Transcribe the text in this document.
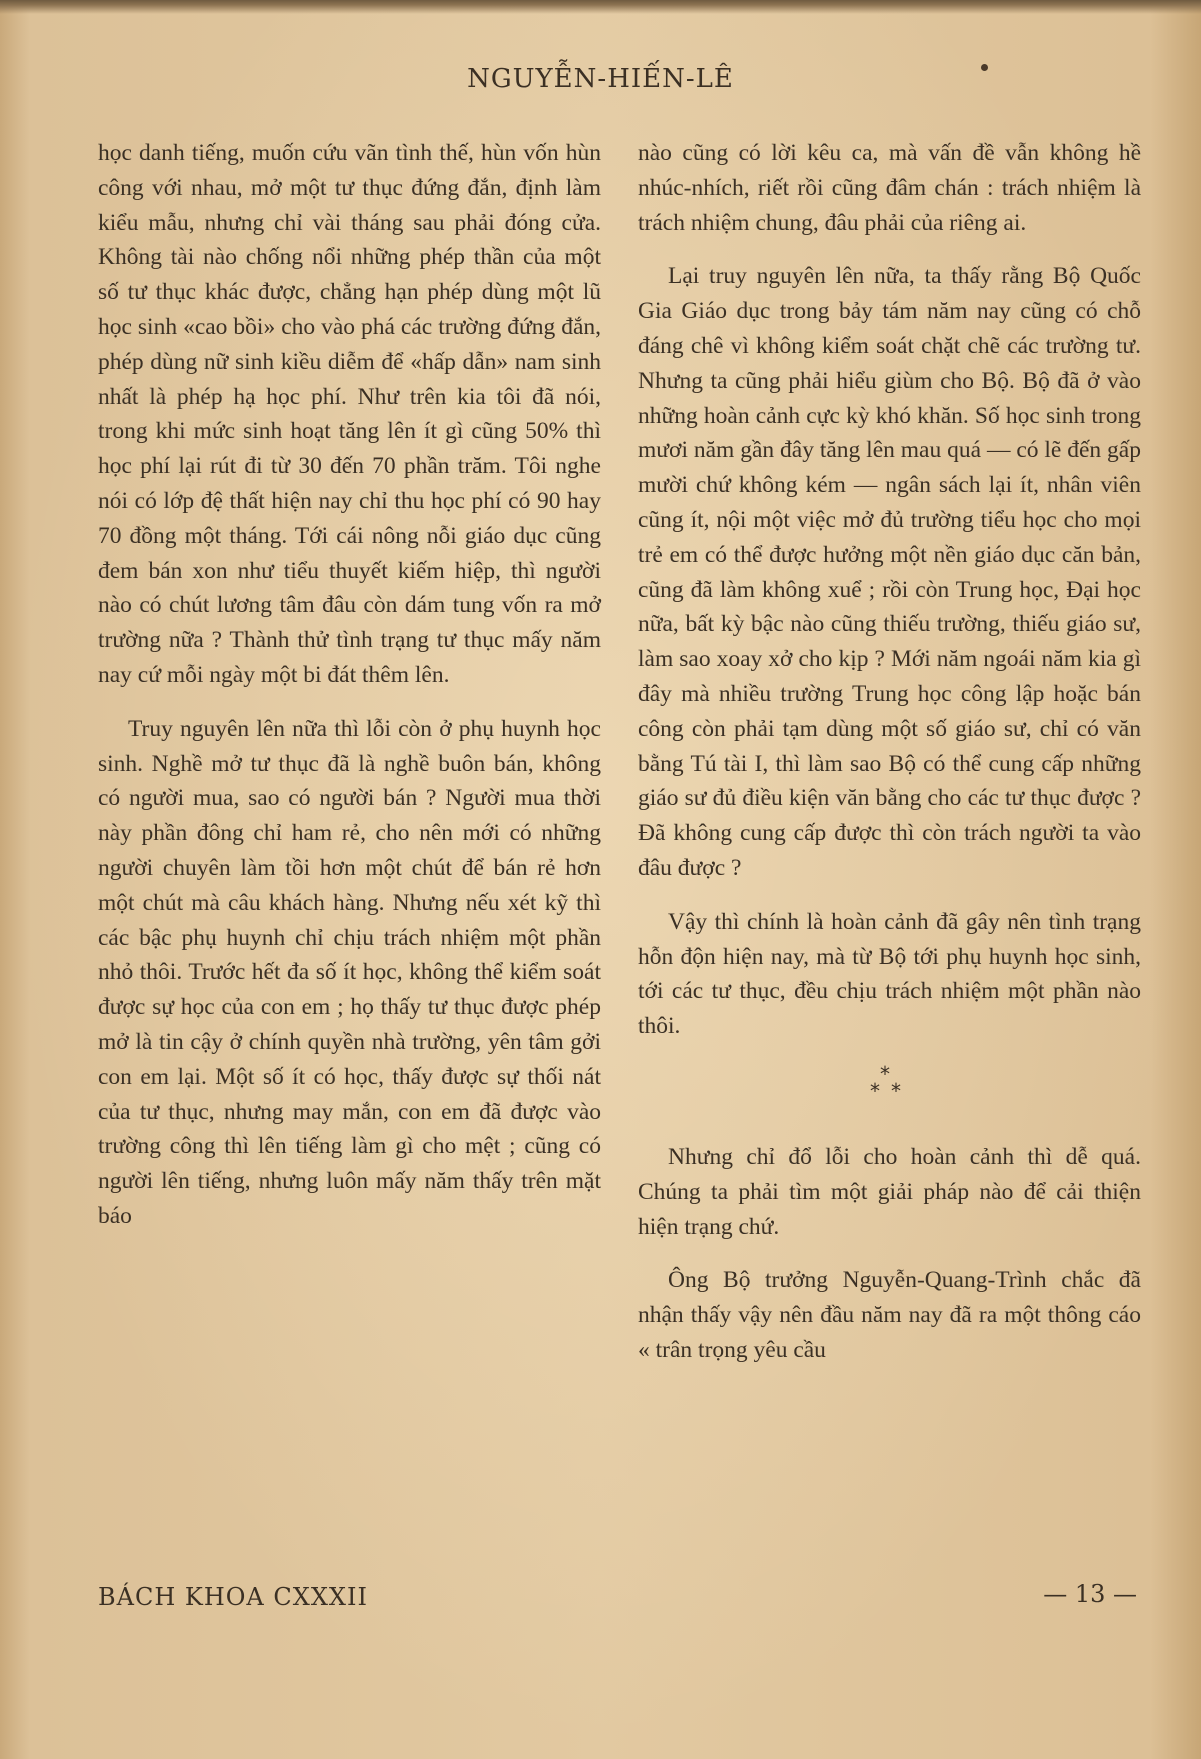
NGUYỄN-HIẾN-LÊ

học danh tiếng, muốn cứu vãn tình thế, hùn vốn hùn công với nhau, mở một tư thục đứng đắn, định làm kiểu mẫu, nhưng chỉ vài tháng sau phải đóng cửa. Không tài nào chống nổi những phép thần của một số tư thục khác được, chẳng hạn phép dùng một lũ học sinh «cao bồi» cho vào phá các trường đứng đắn, phép dùng nữ sinh kiều diễm để «hấp dẫn» nam sinh nhất là phép hạ học phí. Như trên kia tôi đã nói, trong khi mức sinh hoạt tăng lên ít gì cũng 50% thì học phí lại rút đi từ 30 đến 70 phần trăm. Tôi nghe nói có lớp đệ thất hiện nay chỉ thu học phí có 90 hay 70 đồng một tháng. Tới cái nông nỗi giáo dục cũng đem bán xon như tiểu thuyết kiếm hiệp, thì người nào có chút lương tâm đâu còn dám tung vốn ra mở trường nữa ? Thành thử tình trạng tư thục mấy năm nay cứ mỗi ngày một bi đát thêm lên.

Truy nguyên lên nữa thì lỗi còn ở phụ huynh học sinh. Nghề mở tư thục đã là nghề buôn bán, không có người mua, sao có người bán ? Người mua thời này phần đông chỉ ham rẻ, cho nên mới có những người chuyên làm tồi hơn một chút để bán rẻ hơn một chút mà câu khách hàng. Nhưng nếu xét kỹ thì các bậc phụ huynh chỉ chịu trách nhiệm một phần nhỏ thôi. Trước hết đa số ít học, không thể kiểm soát được sự học của con em ; họ thấy tư thục được phép mở là tin cậy ở chính quyền nhà trường, yên tâm gởi con em lại. Một số ít có học, thấy được sự thối nát của tư thục, nhưng may mắn, con em đã được vào trường công thì lên tiếng làm gì cho mệt ; cũng có người lên tiếng, nhưng luôn mấy năm thấy trên mặt báo

nào cũng có lời kêu ca, mà vấn đề vẫn không hề nhúc-nhích, riết rồi cũng đâm chán : trách nhiệm là trách nhiệm chung, đâu phải của riêng ai.

Lại truy nguyên lên nữa, ta thấy rằng Bộ Quốc Gia Giáo dục trong bảy tám năm nay cũng có chỗ đáng chê vì không kiểm soát chặt chẽ các trường tư. Nhưng ta cũng phải hiểu giùm cho Bộ. Bộ đã ở vào những hoàn cảnh cực kỳ khó khăn. Số học sinh trong mươi năm gần đây tăng lên mau quá — có lẽ đến gấp mười chứ không kém — ngân sách lại ít, nhân viên cũng ít, nội một việc mở đủ trường tiểu học cho mọi trẻ em có thể được hưởng một nền giáo dục căn bản, cũng đã làm không xuể ; rồi còn Trung học, Đại học nữa, bất kỳ bậc nào cũng thiếu trường, thiếu giáo sư, làm sao xoay xở cho kịp ? Mới năm ngoái năm kia gì đây mà nhiều trường Trung học công lập hoặc bán công còn phải tạm dùng một số giáo sư, chỉ có văn bằng Tú tài I, thì làm sao Bộ có thể cung cấp những giáo sư đủ điều kiện văn bằng cho các tư thục được ? Đã không cung cấp được thì còn trách người ta vào đâu được ?

Vậy thì chính là hoàn cảnh đã gây nên tình trạng hỗn độn hiện nay, mà từ Bộ tới phụ huynh học sinh, tới các tư thục, đều chịu trách nhiệm một phần nào thôi.

*
* *

Nhưng chỉ đổ lỗi cho hoàn cảnh thì dễ quá. Chúng ta phải tìm một giải pháp nào để cải thiện hiện trạng chứ.

Ông Bộ trưởng Nguyễn-Quang-Trình chắc đã nhận thấy vậy nên đầu năm nay đã ra một thông cáo « trân trọng yêu cầu

BÁCH KHOA CXXXII	— 13 —
